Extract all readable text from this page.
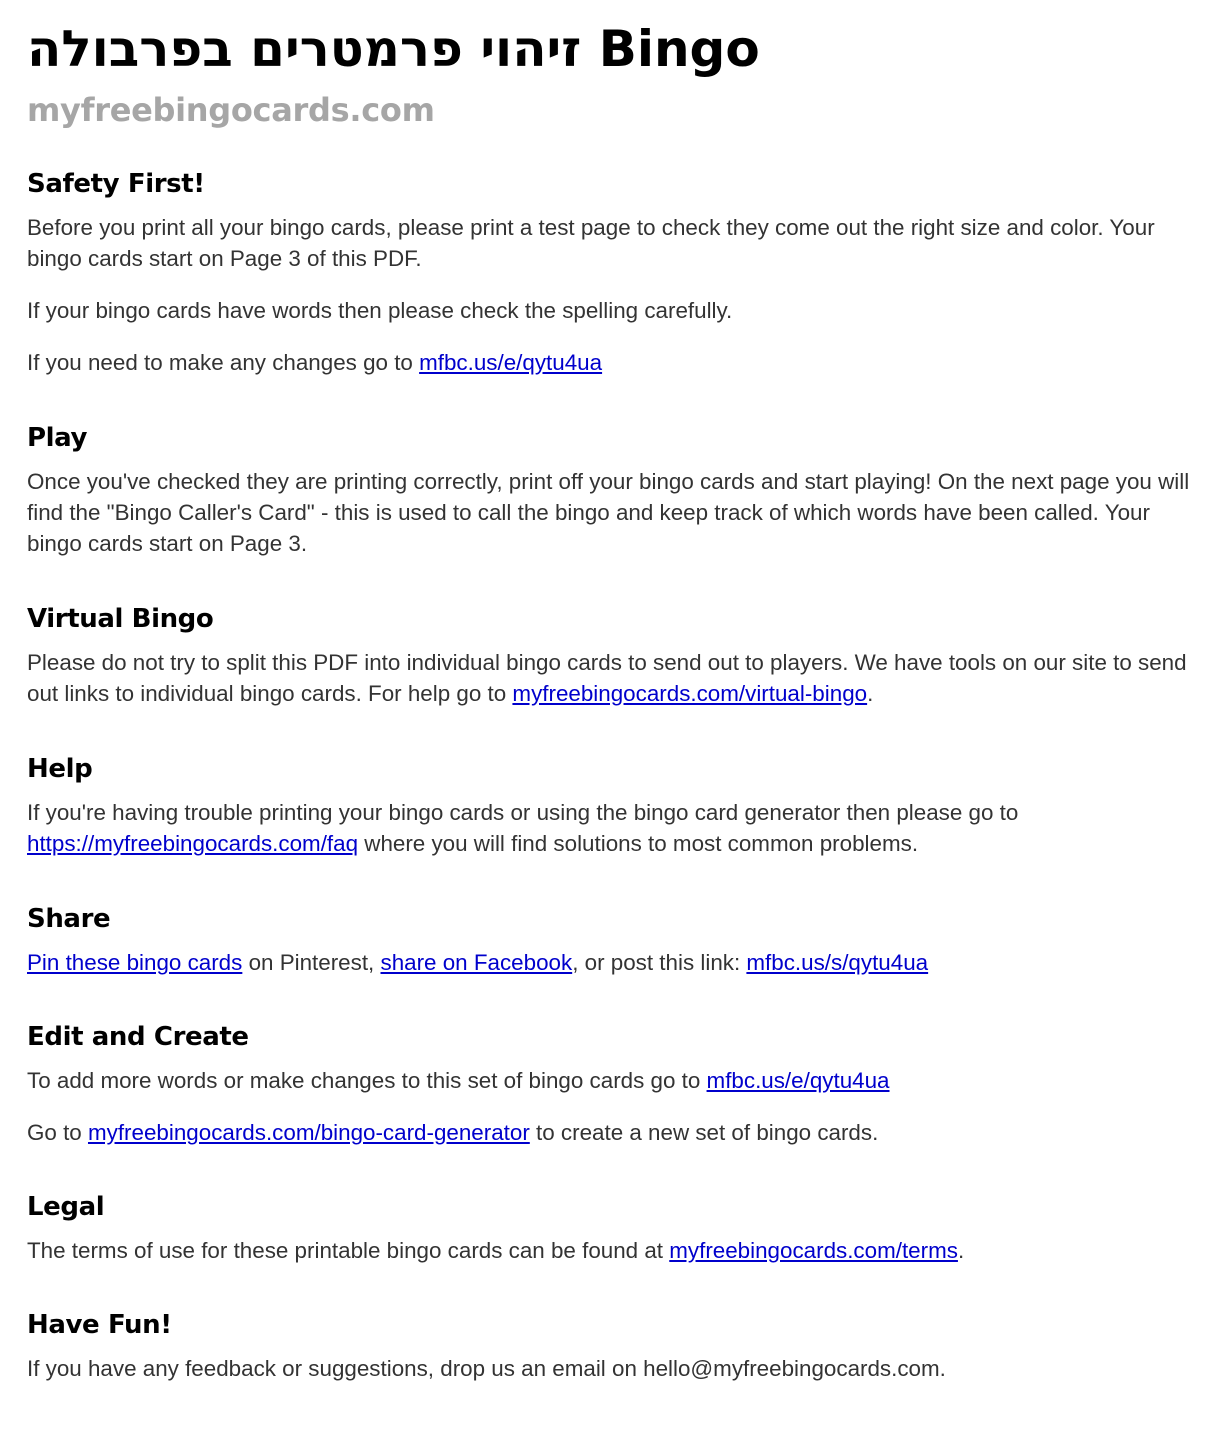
זיהוי פרמטרים בפרבולה Bingo
myfreebingocards.com
Safety First!

Before you print all your bingo cards, please print a test page to check they come out the right size and color. Your bingo cards start on Page 3 of this PDF.

If your bingo cards have words then please check the spelling carefully.

If you need to make any changes go to mfbc.us/e/qytu4ua

Play

Once you've checked they are printing correctly, print off your bingo cards and start playing! On the next page you will find the "Bingo Caller's Card" - this is used to call the bingo and keep track of which words have been called. Your bingo cards start on Page 3.

Virtual Bingo

Please do not try to split this PDF into individual bingo cards to send out to players. We have tools on our site to send out links to individual bingo cards. For help go to myfreebingocards.com/virtual-bingo.

Help

If you're having trouble printing your bingo cards or using the bingo card generator then please go to https://myfreebingocards.com/faq where you will find solutions to most common problems.

Share

Pin these bingo cards on Pinterest, share on Facebook, or post this link: mfbc.us/s/qytu4ua

Edit and Create

To add more words or make changes to this set of bingo cards go to mfbc.us/e/qytu4ua

Go to myfreebingocards.com/bingo-card-generator to create a new set of bingo cards.

Legal

The terms of use for these printable bingo cards can be found at myfreebingocards.com/terms.

Have Fun!

If you have any feedback or suggestions, drop us an email on hello@myfreebingocards.com.
